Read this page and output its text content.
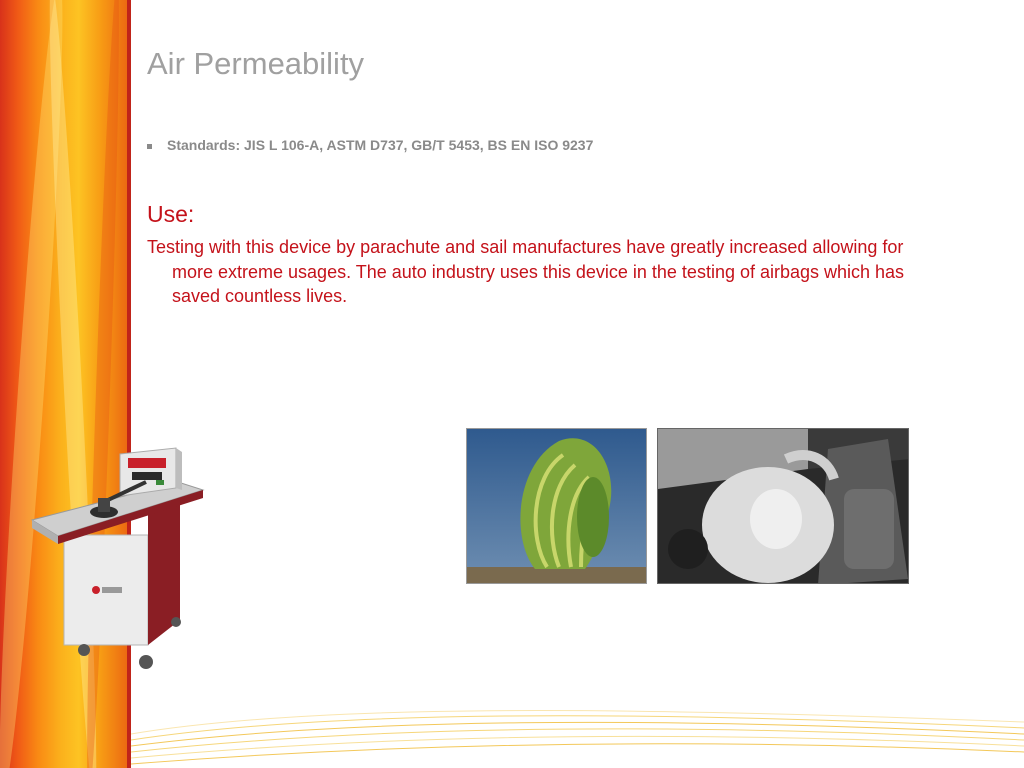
Air Permeability
Standards: JIS L 106-A, ASTM D737, GB/T 5453, BS EN ISO 9237
Use:
Testing with this device by parachute and sail manufactures have greatly increased allowing for more extreme usages. The auto industry uses this device in the testing of airbags which has saved countless lives.
